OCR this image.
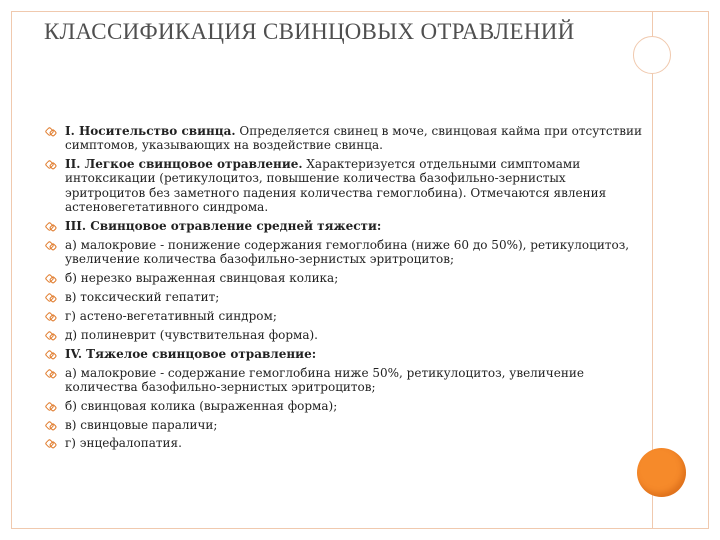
КЛАССИФИКАЦИЯ СВИНЦОВЫХ ОТРАВЛЕНИЙ
I. Носительство свинца. Определяется свинец в моче, свинцовая кайма при отсутствии симптомов, указывающих на воздействие свинца.
II. Легкое свинцовое отравление. Характеризуется отдельными симптомами интоксикации (ретикулоцитоз, повышение количества базофильно-зернистых эритроцитов без заметного падения количества гемоглобина). Отмечаются явления астеновегетативного синдрома.
III. Свинцовое отравление средней тяжести:
а) малокровие - понижение содержания гемоглобина (ниже 60 до 50%), ретикулоцитоз, увеличение количества базофильно-зернистых эритроцитов;
б) нерезко выраженная свинцовая колика;
в) токсический гепатит;
г) астено-вегетативный синдром;
д) полиневрит (чувствительная форма).
IV. Тяжелое свинцовое отравление:
а) малокровие - содержание гемоглобина ниже 50%, ретикулоцитоз, увеличение количества базофильно-зернистых эритроцитов;
б) свинцовая колика (выраженная форма);
в) свинцовые параличи;
г) энцефалопатия.
